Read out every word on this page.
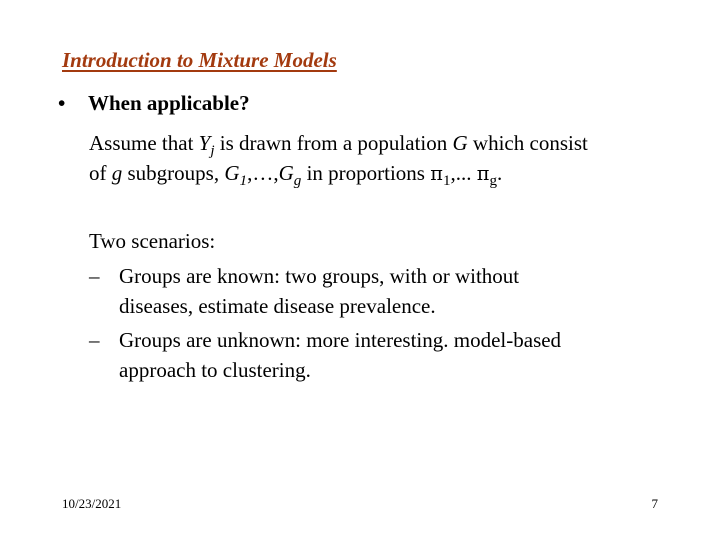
Introduction to Mixture Models
• When applicable?
Assume that $Y_j$ is drawn from a population G which consist
of g subgroups, $G_1,\dots,G_g$ in proportions $\pi_1$,... $\pi_g$.
Two scenarios:
– Groups are known: two groups, with or without
diseases, estimate disease prevalence.
– Groups are unknown: more interesting. model-based
approach to clustering.
10/23/2021	7
